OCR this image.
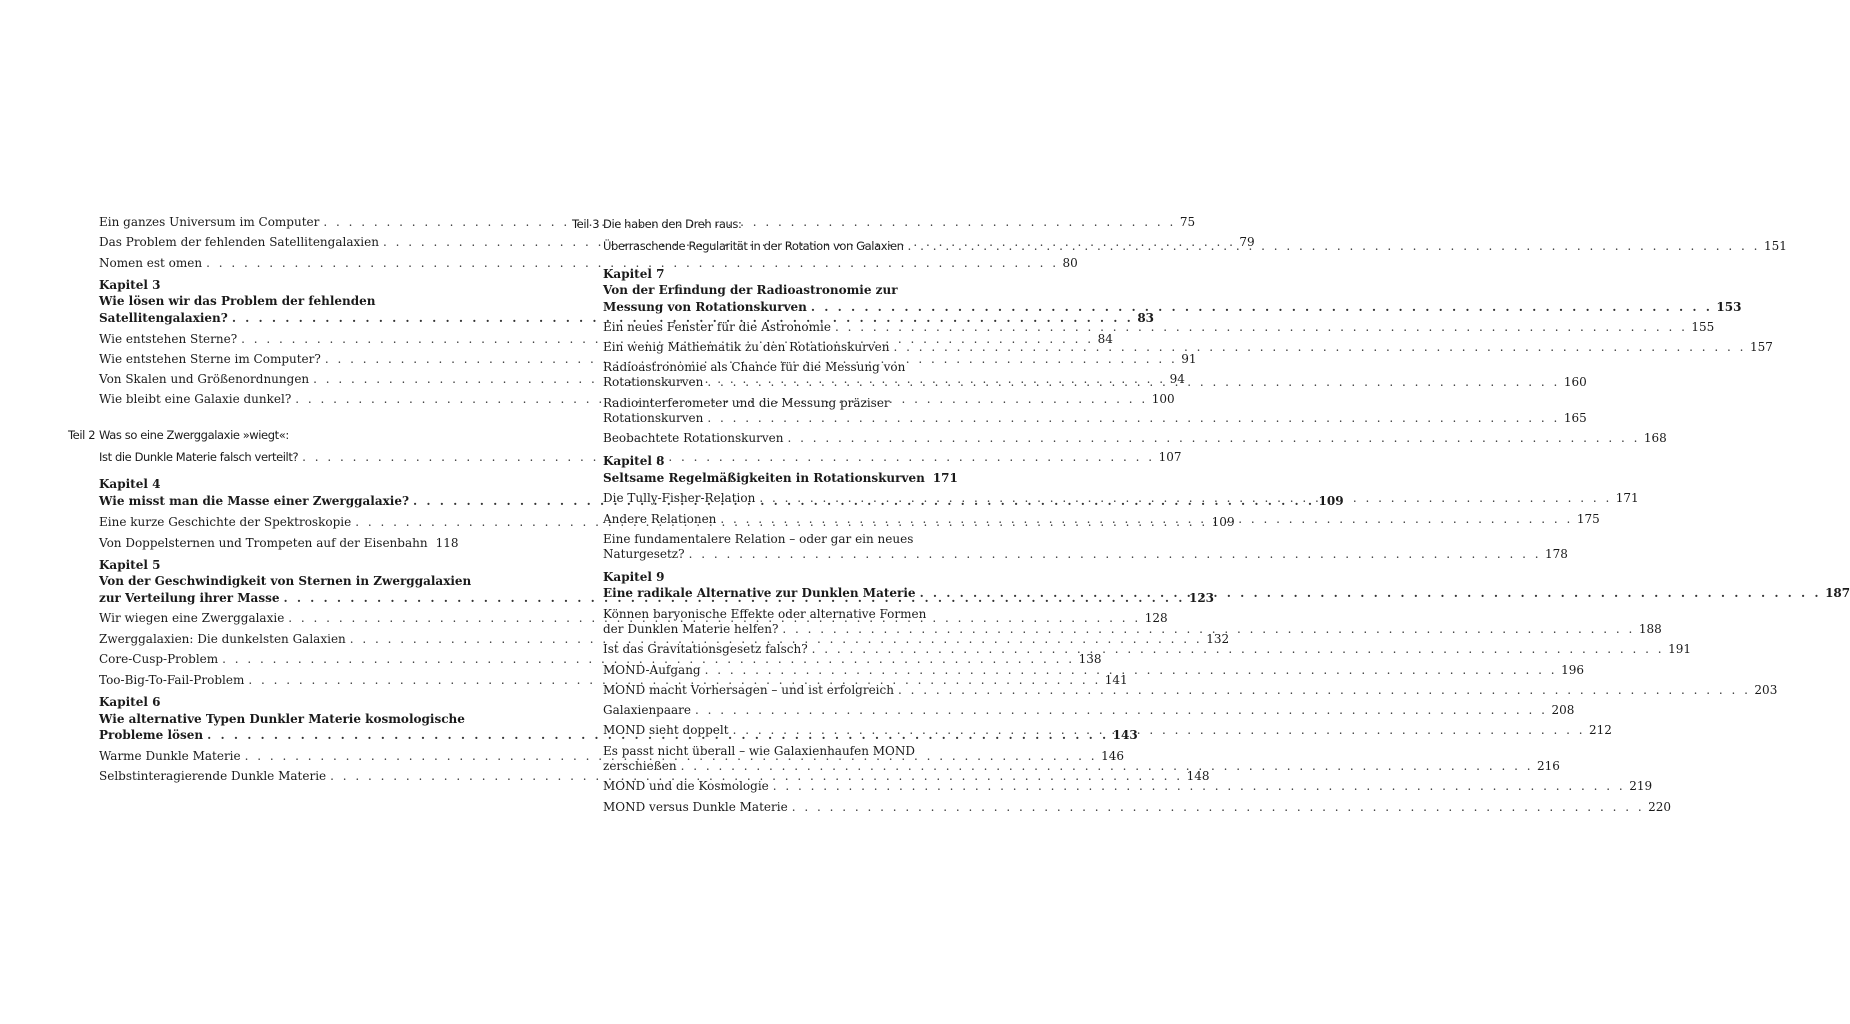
Ein ganzes Universum im Computer . . .	75
Das Problem der fehlenden Satellitengalaxien . . .	79
Nomen est omen . . .	80
Kapitel 3
Wie lösen wir das Problem der fehlenden
Satellitengalaxien? . . .	83
Wie entstehen Sterne? . . .	84
Wie entstehen Sterne im Computer? . . .	91
Von Skalen und Größenordnungen . . .	94
Wie bleibt eine Galaxie dunkel? . . .	100
Teil 2 Was so eine Zwerggalaxie »wiegt«:
Ist die Dunkle Materie falsch verteilt? . . .	107
Kapitel 4
Wie misst man die Masse einer Zwerggalaxie? . . .	109
Eine kurze Geschichte der Spektroskopie . . .	109
Von Doppelsternen und Trompeten auf der Eisenbahn 118
Kapitel 5
Von der Geschwindigkeit von Sternen in Zwerggalaxien
zur Verteilung ihrer Masse . . .	123
Wir wiegen eine Zwerggalaxie . . .	128
Zwerggalaxien: Die dunkelsten Galaxien . . .	132
Core-Cusp-Problem . . .	138
Too-Big-To-Fail-Problem . . .	141
Kapitel 6
Wie alternative Typen Dunkler Materie kosmologische
Probleme lösen . . .	143
Warme Dunkle Materie . . .	146
Selbstinteragierende Dunkle Materie . . .	148
Teil 3 Die haben den Dreh raus:
Überraschende Regularität in der Rotation von Galaxien . . .	151
Kapitel 7
Von der Erfindung der Radioastronomie zur
Messung von Rotationskurven . . .	153
Ein neues Fenster für die Astronomie . . .	155
Ein wenig Mathematik zu den Rotationskurven . . .	157
Radioastronomie als Chance für die Messung von
Rotationskurven . . .	160
Radiointerferometer und die Messung präziser
Rotationskurven . . .	165
Beobachtete Rotationskurven . . .	168
Kapitel 8
Seltsame Regelmäßigkeiten in Rotationskurven 171
Die Tully-Fisher-Relation . . .	171
Andere Relationen . . .	175
Eine fundamentalere Relation – oder gar ein neues
Naturgesetz? . . .	178
Kapitel 9
Eine radikale Alternative zur Dunklen Materie . . .	187
Können baryonische Effekte oder alternative Formen
der Dunklen Materie helfen? . . .	188
Ist das Gravitationsgesetz falsch? . . .	191
MOND-Aufgang . . .	196
MOND macht Vorhersagen – und ist erfolgreich . . .	203
Galaxienpaare . . .	208
MOND sieht doppelt . . .	212
Es passt nicht überall – wie Galaxienhaufen MOND
zerschießen . . .	216
MOND und die Kosmologie . . .	219
MOND versus Dunkle Materie . . .	220
